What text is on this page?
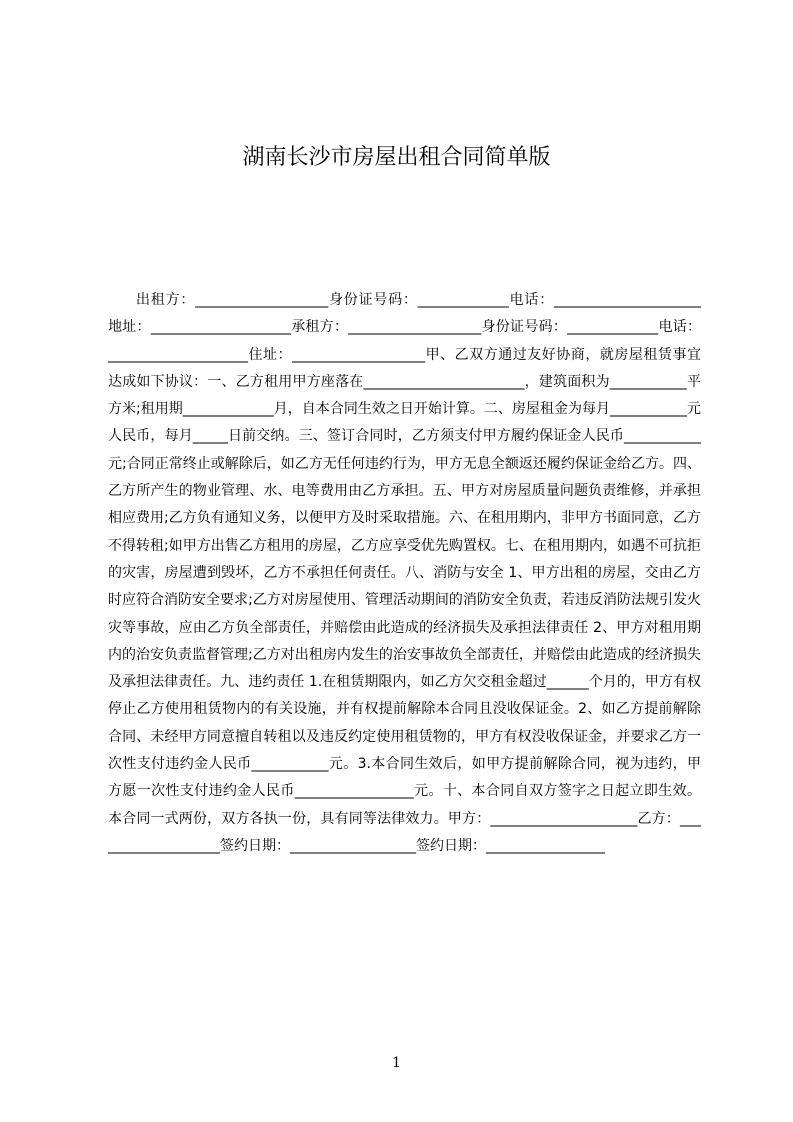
湖南长沙市房屋出租合同简单版

出租方：___________________身份证号码：_____________电话：_____________________地址：____________________承租方：___________________身份证号码：_____________电话：____________________住址：___________________甲、乙双方通过友好协商，就房屋租赁事宜达成如下协议：一、乙方租用甲方座落在_______________________，建筑面积为___________平方米;租用期_____________月，自本合同生效之日开始计算。二、房屋租金为每月___________元人民币，每月_____日前交纳。三、签订合同时，乙方须支付甲方履约保证金人民币___________元;合同正常终止或解除后，如乙方无任何违约行为，甲方无息全额返还履约保证金给乙方。四、乙方所产生的物业管理、水、电等费用由乙方承担。五、甲方对房屋质量问题负责维修，并承担相应费用;乙方负有通知义务，以便甲方及时采取措施。六、在租用期内，非甲方书面同意，乙方不得转租;如甲方出售乙方租用的房屋，乙方应享受优先购置权。七、在租用期内，如遇不可抗拒的灾害，房屋遭到毁坏，乙方不承担任何责任。八、消防与安全 1、甲方出租的房屋，交由乙方时应符合消防安全要求;乙方对房屋使用、管理活动期间的消防安全负责，若违反消防法规引发火灾等事故，应由乙方负全部责任，并赔偿由此造成的经济损失及承担法律责任 2、甲方对租用期内的治安负责监督管理;乙方对出租房内发生的治安事故负全部责任，并赔偿由此造成的经济损失及承担法律责任。九、违约责任 1.在租赁期限内，如乙方欠交租金超过______个月的，甲方有权停止乙方使用租赁物内的有关设施，并有权提前解除本合同且没收保证金。2、如乙方提前解除合同、未经甲方同意擅自转租以及违反约定使用租赁物的，甲方有权没收保证金，并要求乙方一次性支付违约金人民币___________元。3.本合同生效后，如甲方提前解除合同，视为违约，甲方愿一次性支付违约金人民币_________________元。十、本合同自双方签字之日起立即生效。本合同一式两份，双方各执一份，具有同等法律效力。甲方：_____________________乙方：___________________签约日期：__________________签约日期：_________________

1
